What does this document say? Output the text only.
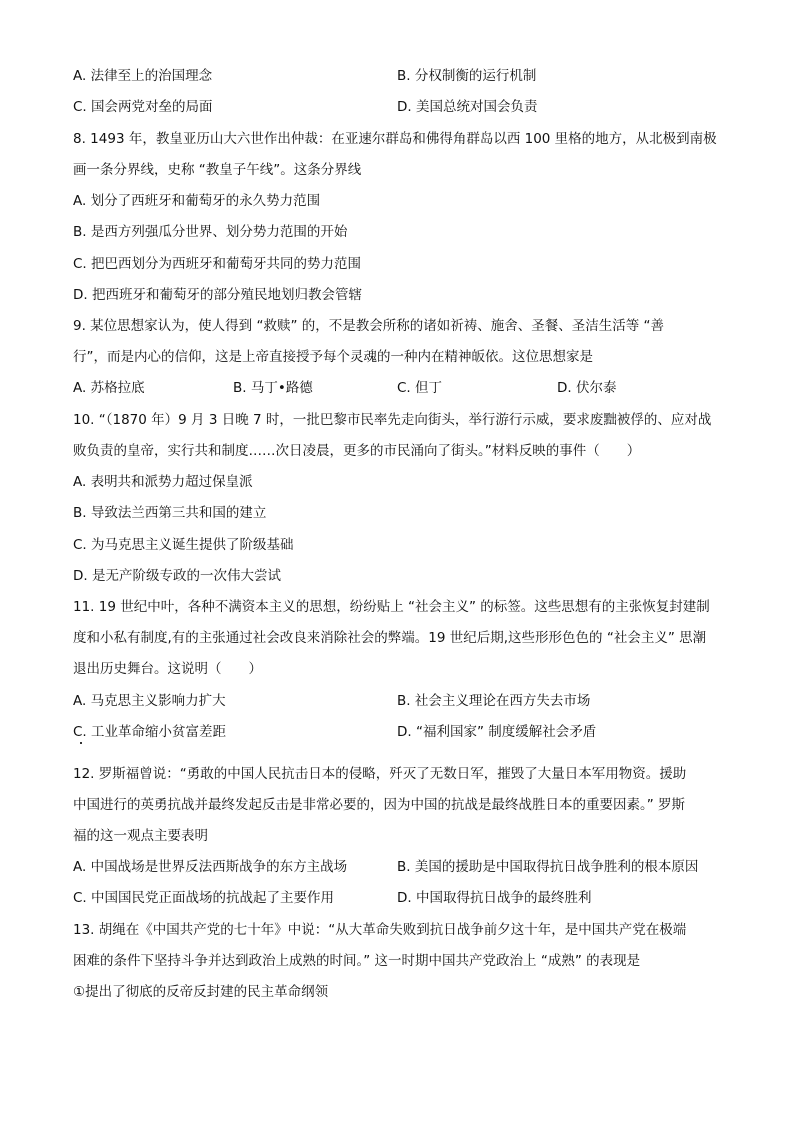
A. 法律至上的治国理念	B. 分权制衡的运行机制
C. 国会两党对垒的局面	D. 美国总统对国会负责
8. 1493 年，教皇亚历山大六世作出仲裁：在亚速尔群岛和佛得角群岛以西 100 里格的地方，从北极到南极
画一条分界线，史称 “教皇子午线”。这条分界线
A. 划分了西班牙和葡萄牙的永久势力范围
B. 是西方列强瓜分世界、划分势力范围的开始
C. 把巴西划分为西班牙和葡萄牙共同的势力范围
D. 把西班牙和葡萄牙的部分殖民地划归教会管辖
9. 某位思想家认为，使人得到 “救赎” 的，不是教会所称的诸如祈祷、施舍、圣餐、圣洁生活等 “善
行”，而是内心的信仰，这是上帝直接授予每个灵魂的一种内在精神皈依。这位思想家是
A. 苏格拉底	B. 马丁•路德	C. 但丁	D. 伏尔泰
10. “（1870 年）9 月 3 日晚 7 时，一批巴黎市民率先走向街头，举行游行示威，要求废黜被俘的、应对战
败负责的皇帝，实行共和制度……次日凌晨，更多的市民涌向了街头。”材料反映的事件（　　）
A. 表明共和派势力超过保皇派
B. 导致法兰西第三共和国的建立
C. 为马克思主义诞生提供了阶级基础
D. 是无产阶级专政的一次伟大尝试
11. 19 世纪中叶，各种不满资本主义的思想，纷纷贴上 “社会主义” 的标签。这些思想有的主张恢复封建制
度和小私有制度,有的主张通过社会改良来消除社会的弊端。19 世纪后期,这些形形色色的 “社会主义” 思潮
退出历史舞台。这说明（　　）
A. 马克思主义影响力扩大	B. 社会主义理论在西方失去市场
C. 工业革命缩小贫富差距	D. “福利国家” 制度缓解社会矛盾
12. 罗斯福曾说：“勇敢的中国人民抗击日本的侵略，歼灭了无数日军，摧毁了大量日本军用物资。援助
中国进行的英勇抗战并最终发起反击是非常必要的，因为中国的抗战是最终战胜日本的重要因素。” 罗斯
福的这一观点主要表明
A. 中国战场是世界反法西斯战争的东方主战场	B. 美国的援助是中国取得抗日战争胜利的根本原因
C. 中国国民党正面战场的抗战起了主要作用	D. 中国取得抗日战争的最终胜利
13. 胡绳在《中国共产党的七十年》中说：“从大革命失败到抗日战争前夕这十年，是中国共产党在极端
困难的条件下坚持斗争并达到政治上成熟的时间。” 这一时期中国共产党政治上 “成熟” 的表现是
①提出了彻底的反帝反封建的民主革命纲领
